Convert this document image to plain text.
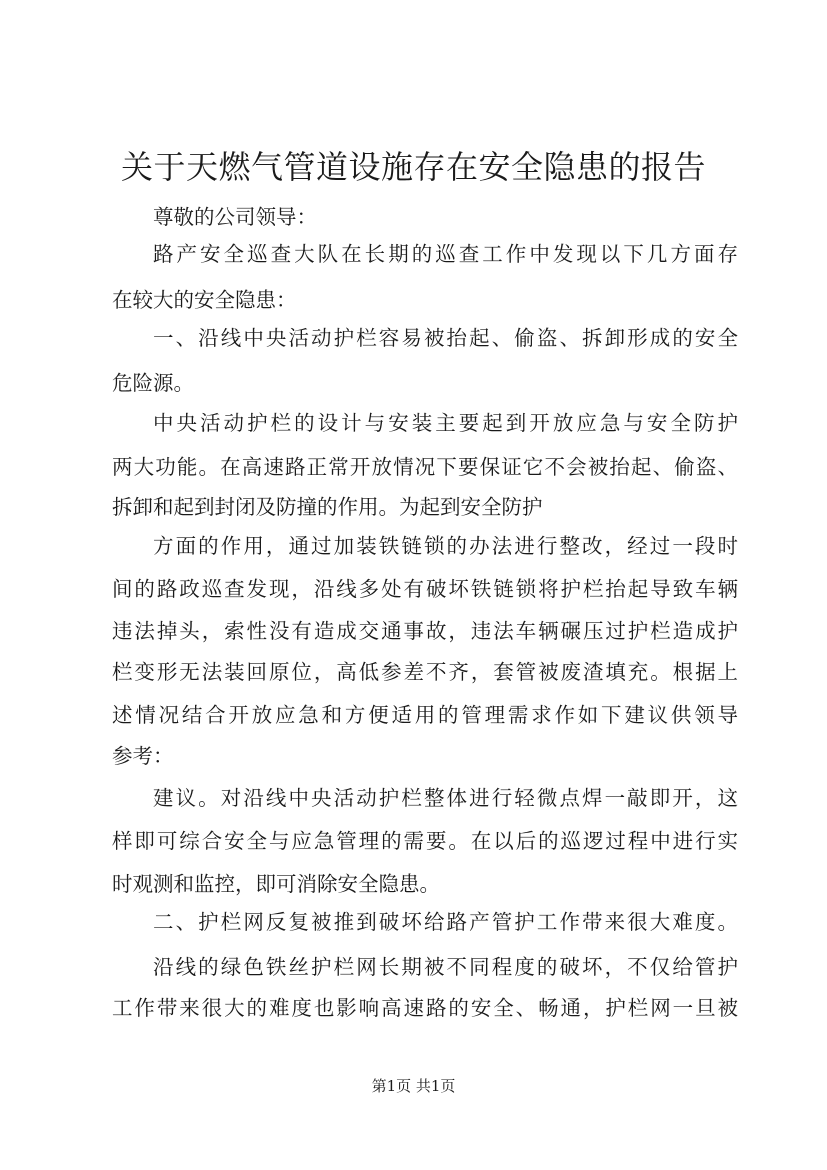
关于天燃气管道设施存在安全隐患的报告

尊敬的公司领导：

路产安全巡查大队在长期的巡查工作中发现以下几方面存

在较大的安全隐患：

一、沿线中央活动护栏容易被抬起、偷盗、拆卸形成的安全

危险源。

中央活动护栏的设计与安装主要起到开放应急与安全防护

两大功能。在高速路正常开放情况下要保证它不会被抬起、偷盗、

拆卸和起到封闭及防撞的作用。为起到安全防护

方面的作用，通过加装铁链锁的办法进行整改，经过一段时

间的路政巡查发现，沿线多处有破坏铁链锁将护栏抬起导致车辆

违法掉头，索性没有造成交通事故，违法车辆碾压过护栏造成护

栏变形无法装回原位，高低参差不齐，套管被废渣填充。根据上

述情况结合开放应急和方便适用的管理需求作如下建议供领导

参考：

建议。对沿线中央活动护栏整体进行轻微点焊一敲即开，这

样即可综合安全与应急管理的需要。在以后的巡逻过程中进行实

时观测和监控，即可消除安全隐患。

二、护栏网反复被推到破坏给路产管护工作带来很大难度。

沿线的绿色铁丝护栏网长期被不同程度的破坏，不仅给管护

工作带来很大的难度也影响高速路的安全、畅通，护栏网一旦被

第1页 共1页
